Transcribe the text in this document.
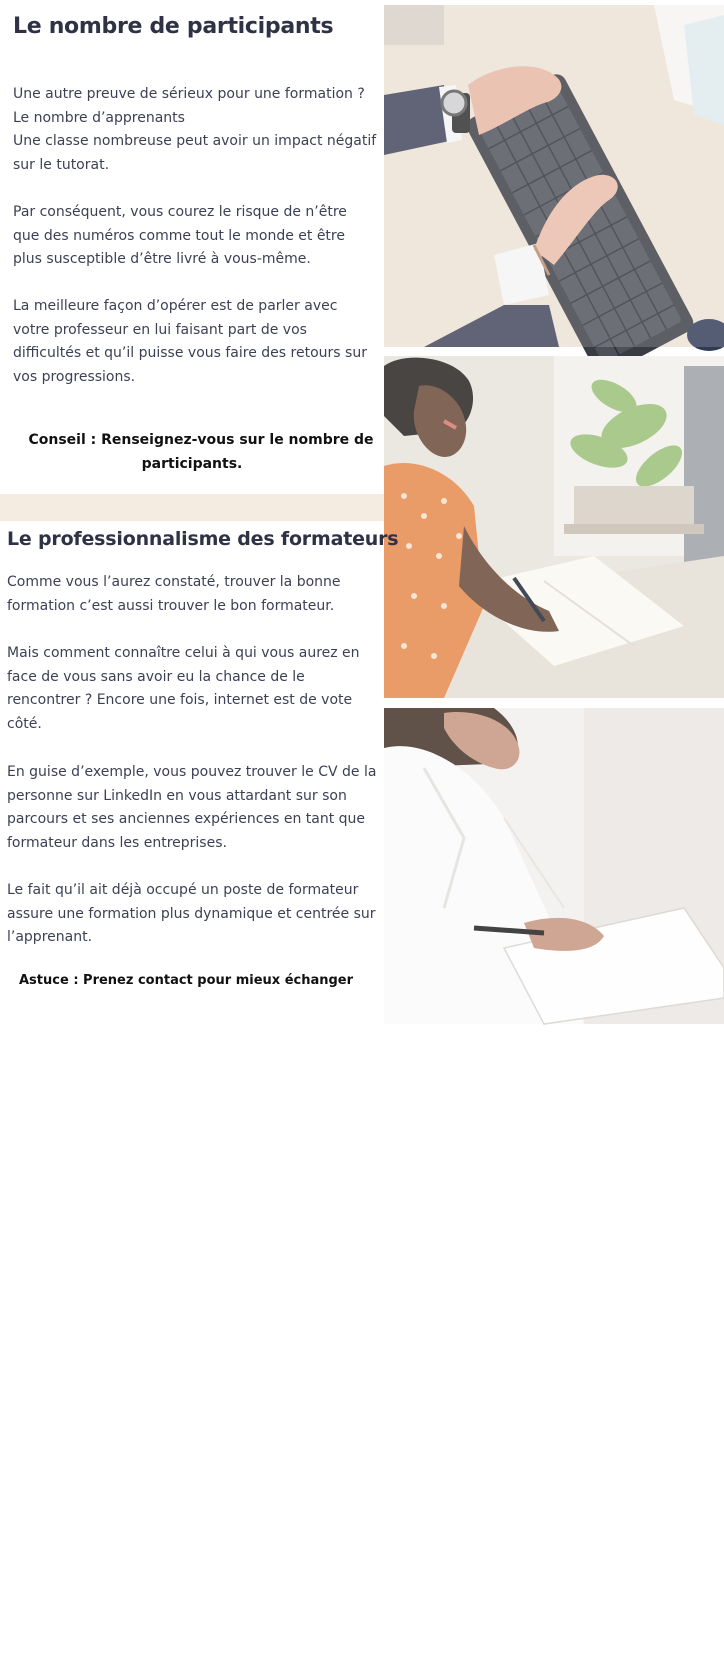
Le nombre de participants

Une autre preuve de sérieux pour une formation ? Le nombre d’apprenants
Une classe nombreuse peut avoir un impact négatif sur le tutorat.

Par conséquent, vous courez le risque de n’être que des numéros comme tout le monde et être plus susceptible d’être livré à vous-même.

La meilleure façon d’opérer est de parler avec votre professeur en lui faisant part de vos difficultés et qu’il puisse vous faire des retours sur vos progressions.

Conseil : Renseignez-vous sur le nombre de participants.

Le professionnalisme des formateurs

Comme vous l’aurez constaté, trouver la bonne formation c’est aussi trouver le bon formateur.

Mais comment connaître celui à qui vous aurez en face de vous sans avoir eu la chance de le rencontrer ? Encore une fois, internet est de vote côté.

En guise d’exemple, vous pouvez trouver le CV de la personne sur LinkedIn en vous attardant sur son parcours et ses anciennes expériences en tant que formateur dans les entreprises.

Le fait qu’il ait déjà occupé un poste de formateur assure une formation plus dynamique et centrée sur l’apprenant.

Astuce : Prenez contact pour mieux échanger

VOYAGE | PAGE 4
